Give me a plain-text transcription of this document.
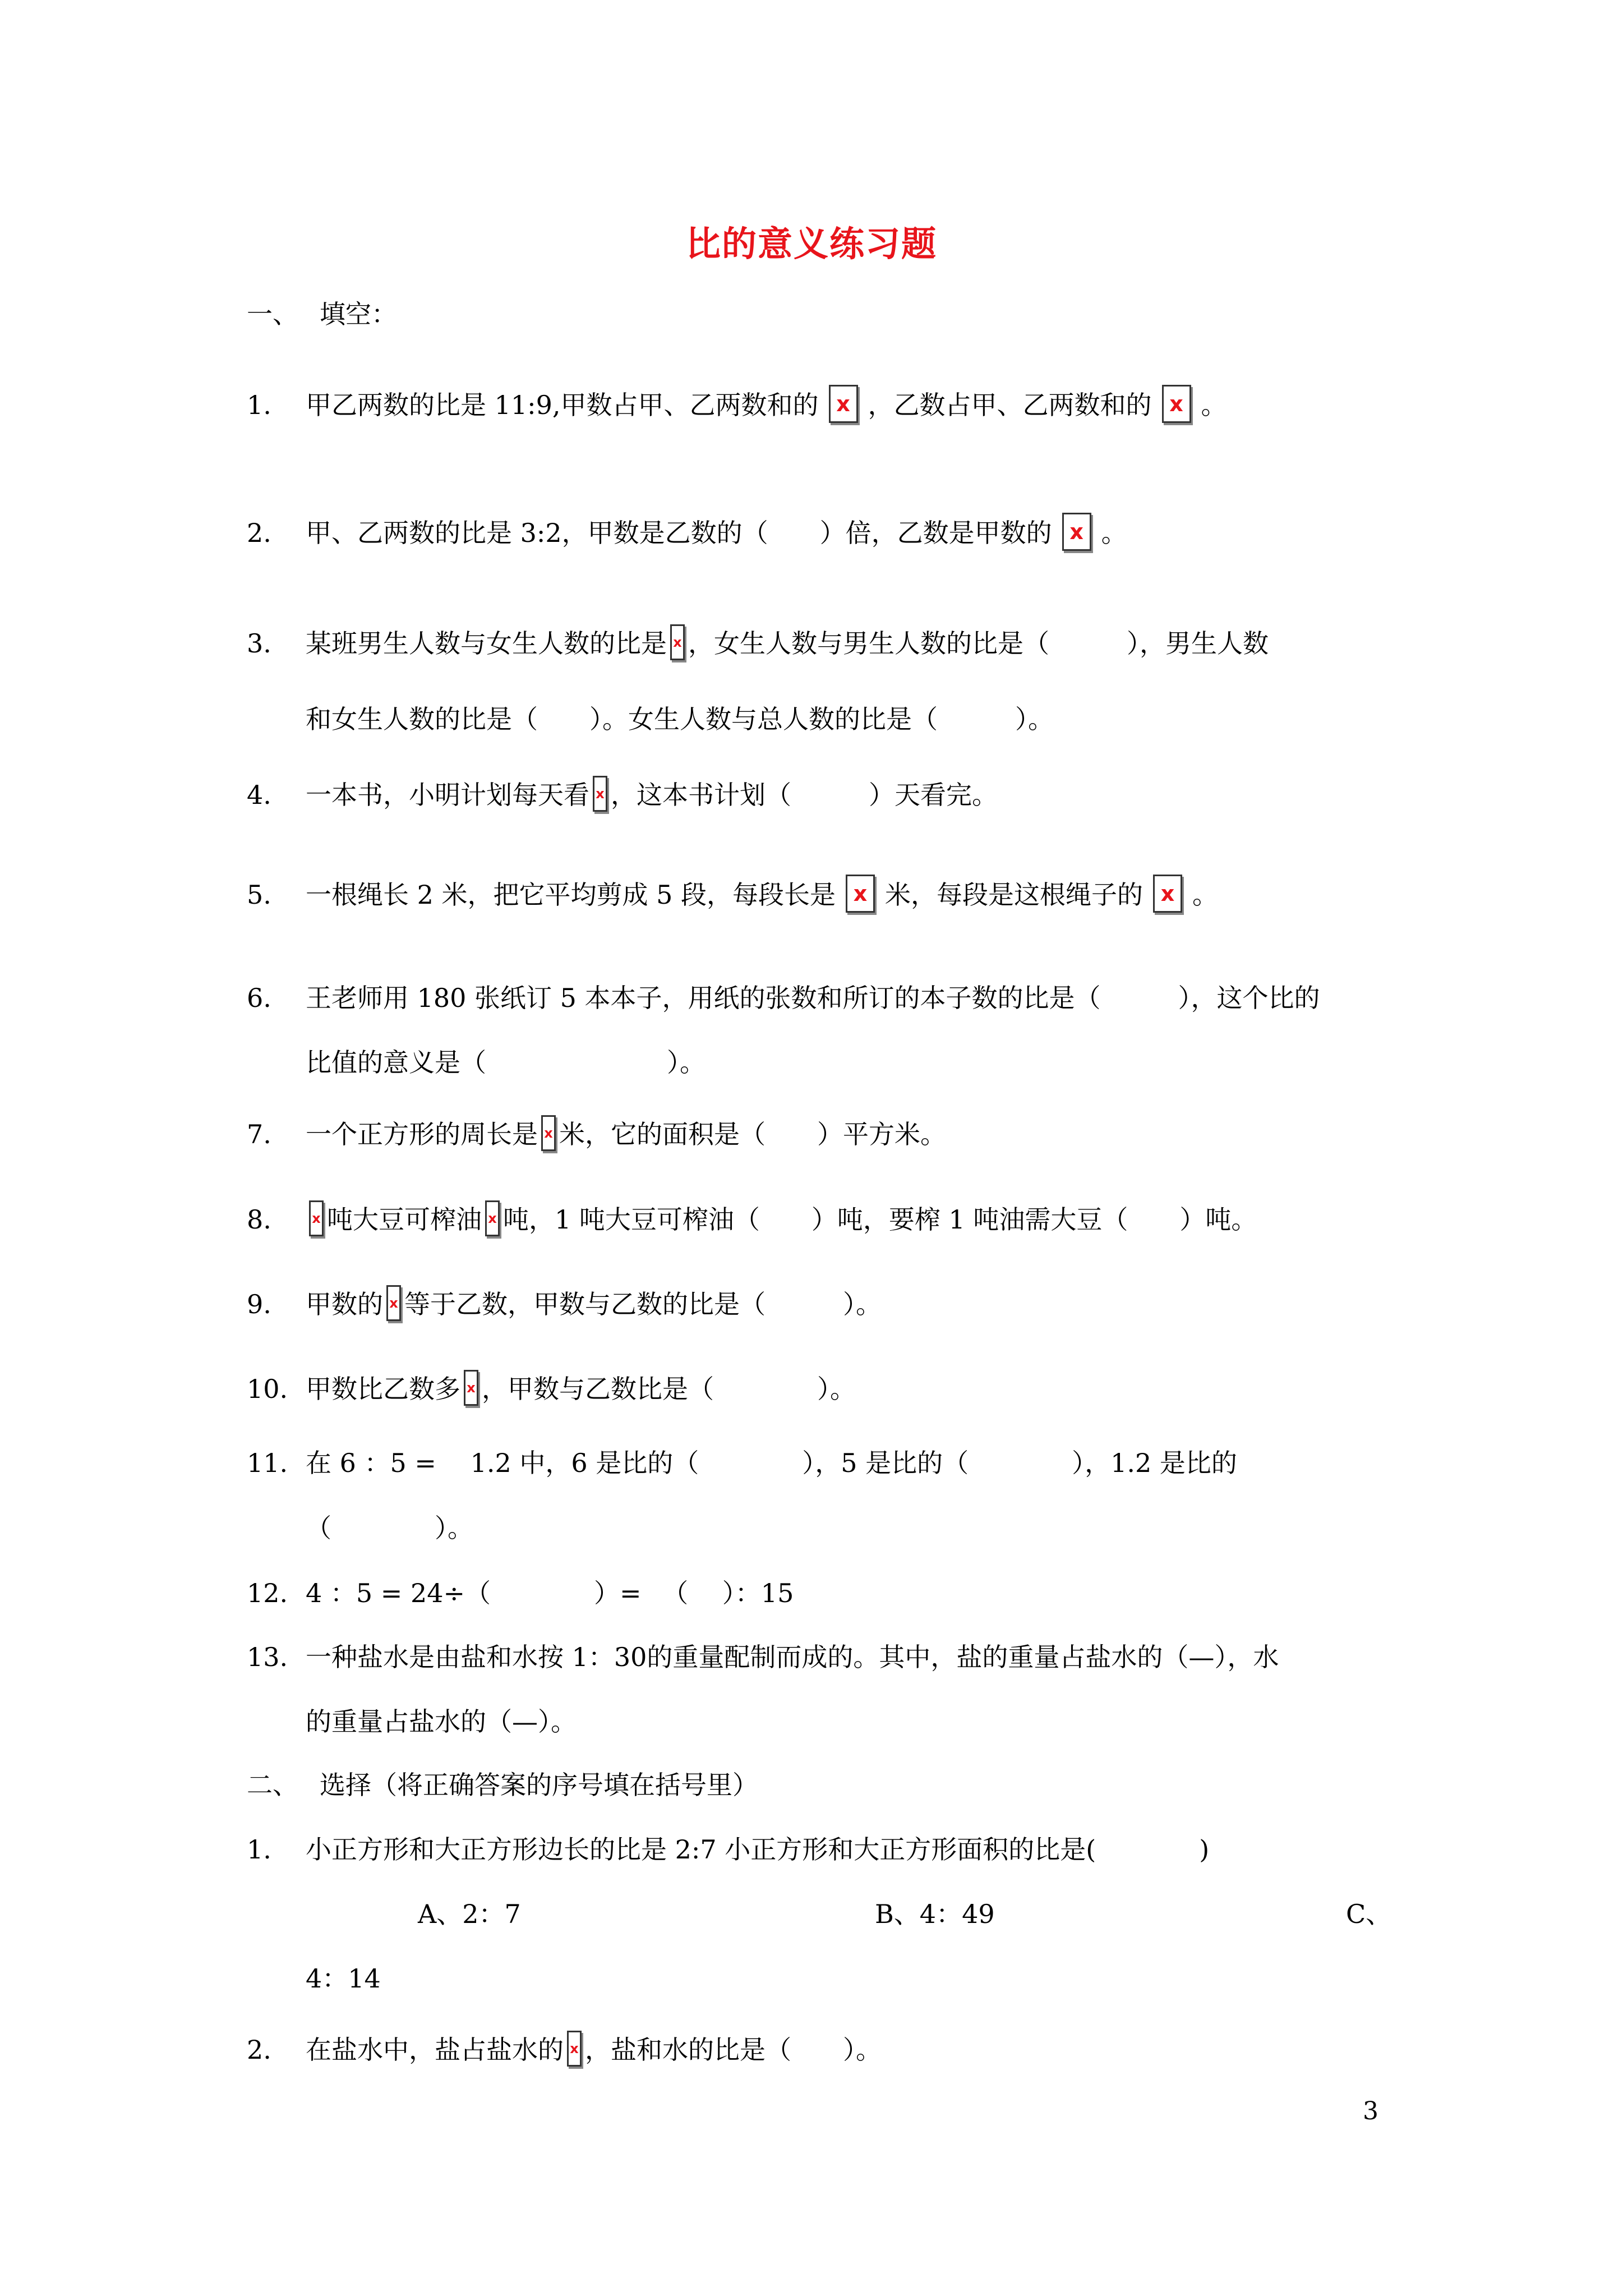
比的意义练习题
一、 填空：
1. 甲乙两数的比是 11:9,甲数占甲、乙两数和的 x ，乙数占甲、乙两数和的 x 。
2. 甲、乙两数的比是 3:2，甲数是乙数的（　　）倍，乙数是甲数的 x 。
3. 某班男生人数与女生人数的比是 x ，女生人数与男生人数的比是（　　　），男生人数
和女生人数的比是（　　）。女生人数与总人数的比是（　　　）。
4. 一本书，小明计划每天看 x ，这本书计划（　　　）天看完。
5. 一根绳长 2 米，把它平均剪成 5 段，每段长是 x 米，每段是这根绳子的 x 。
6. 王老师用 180 张纸订 5 本本子，用纸的张数和所订的本子数的比是（　　　），这个比的
比值的意义是（　　　　　　　）。
7. 一个正方形的周长是 x 米，它的面积是（　　）平方米。
8.	x 吨大豆可榨油 x 吨，1 吨大豆可榨油（　　）吨，要榨 1 吨油需大豆（　　）吨。
9. 甲数的 x 等于乙数，甲数与乙数的比是（　　　）。
10. 甲数比乙数多 x ，甲数与乙数比是（　　　　）。
11. 在 6 ：5 = 　1.2 中，6 是比的（　　　　），5 是比的（　　　　），1.2 是比的
（　　　　）。
12. 4 ：5 = 24÷（　　　　）= 　（　 ）：15
13. 一种盐水是由盐和水按 1：30的重量配制而成的。其中，盐的重量占盐水的（—），水
的重量占盐水的（—）。
二、 选择（将正确答案的序号填在括号里）
1. 小正方形和大正方形边长的比是 2:7 小正方形和大正方形面积的比是(　　　　)
A、2：7	B、4：49	C、
4：14
2. 在盐水中，盐占盐水的 x ，盐和水的比是（　　）。
3
